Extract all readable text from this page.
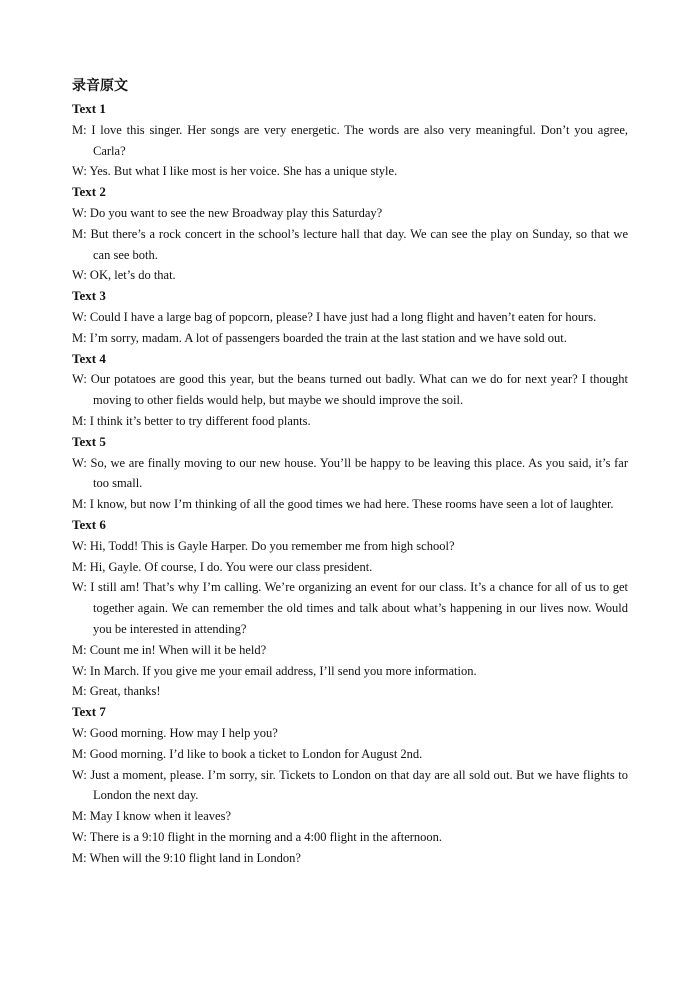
录音原文
Text 1
M: I love this singer. Her songs are very energetic. The words are also very meaningful. Don’t you agree, Carla?
W: Yes. But what I like most is her voice. She has a unique style.
Text 2
W: Do you want to see the new Broadway play this Saturday?
M: But there’s a rock concert in the school’s lecture hall that day. We can see the play on Sunday, so that we can see both.
W: OK, let’s do that.
Text 3
W: Could I have a large bag of popcorn, please? I have just had a long flight and haven’t eaten for hours.
M: I’m sorry, madam. A lot of passengers boarded the train at the last station and we have sold out.
Text 4
W: Our potatoes are good this year, but the beans turned out badly. What can we do for next year? I thought moving to other fields would help, but maybe we should improve the soil.
M: I think it’s better to try different food plants.
Text 5
W: So, we are finally moving to our new house. You’ll be happy to be leaving this place. As you said, it’s far too small.
M: I know, but now I’m thinking of all the good times we had here. These rooms have seen a lot of laughter.
Text 6
W: Hi, Todd! This is Gayle Harper. Do you remember me from high school?
M: Hi, Gayle. Of course, I do. You were our class president.
W: I still am! That’s why I’m calling. We’re organizing an event for our class. It’s a chance for all of us to get together again. We can remember the old times and talk about what’s happening in our lives now. Would you be interested in attending?
M: Count me in! When will it be held?
W: In March. If you give me your email address, I’ll send you more information.
M: Great, thanks!
Text 7
W: Good morning. How may I help you?
M: Good morning. I’d like to book a ticket to London for August 2nd.
W: Just a moment, please. I’m sorry, sir. Tickets to London on that day are all sold out. But we have flights to London the next day.
M: May I know when it leaves?
W: There is a 9:10 flight in the morning and a 4:00 flight in the afternoon.
M: When will the 9:10 flight land in London?
